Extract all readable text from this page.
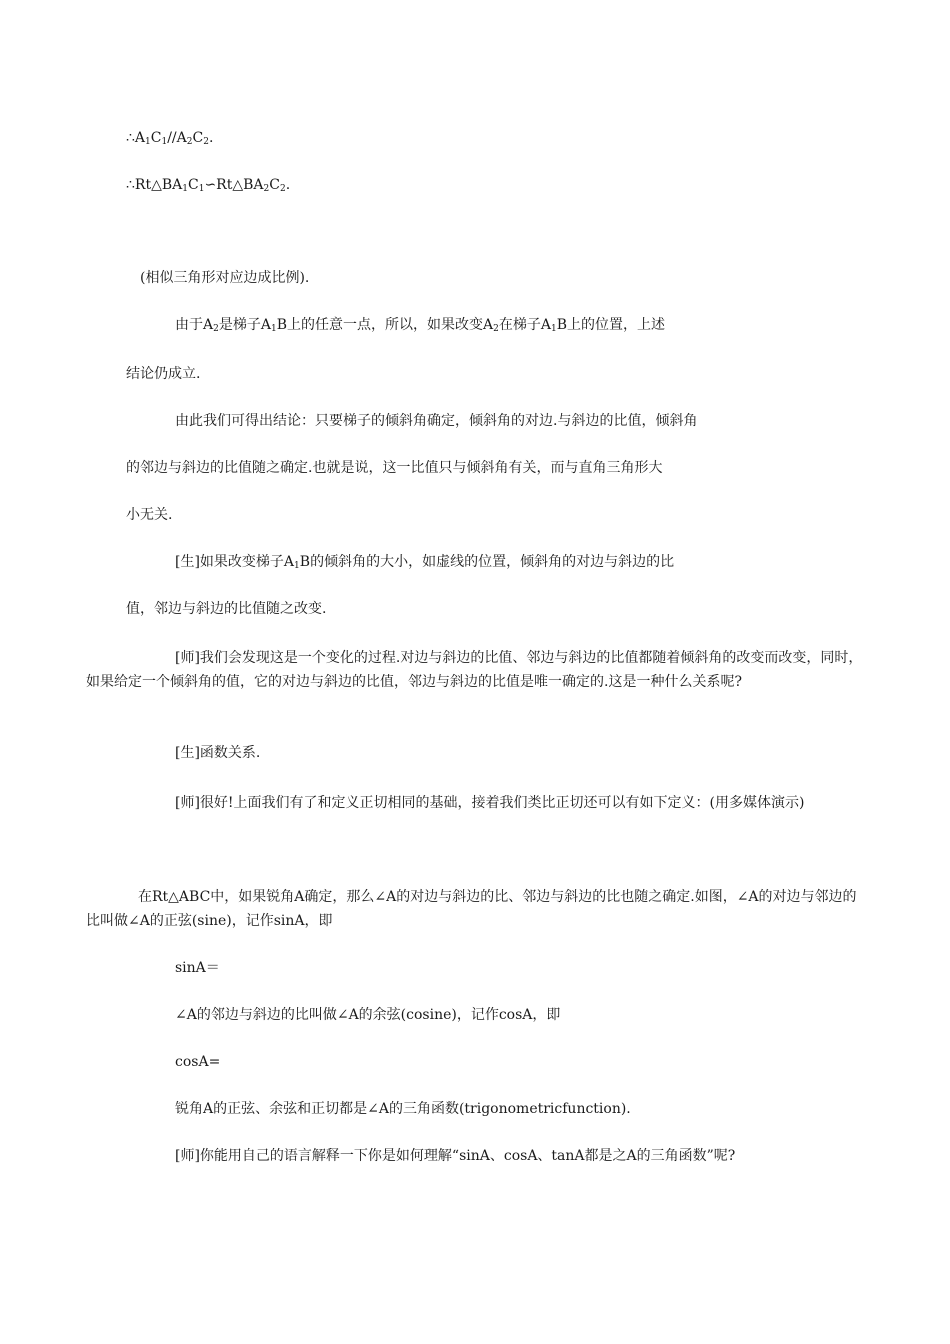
$\therefore A_1C_1//A_2C_2$.
$\therefore Rt\triangle BA_1C_1∽Rt\triangle BA_2C_2$.
(相似三角形对应边成比例).
由于$A_2$是梯子$A_1B$上的任意一点，所以，如果改变$A_2$在梯子$A_1B$上的位置，上述
结论仍成立.
由此我们可得出结论：只要梯子的倾斜角确定，倾斜角的对边.与斜边的比值，倾斜角
的邻边与斜边的比值随之确定.也就是说，这一比值只与倾斜角有关，而与直角三角形大
小无关.
[生]如果改变梯子$A_1B$的倾斜角的大小，如虚线的位置，倾斜角的对边与斜边的比
值，邻边与斜边的比值随之改变.
[师]我们会发现这是一个变化的过程.对边与斜边的比值、邻边与斜边的比值都随着倾斜角的改变而改变，同时，如果给定一个倾斜角的值，它的对边与斜边的比值，邻边与斜边的比值是唯一确定的.这是一种什么关系呢?
[生]函数关系.
[师]很好!上面我们有了和定义正切相同的基础，接着我们类比正切还可以有如下定义：(用多媒体演示)
在Rt△ABC中，如果锐角A确定，那么∠A的对边与斜边的比、邻边与斜边的比也随之确定.如图，∠A的对边与邻边的比叫做∠A的正弦(sine)，记作sinA，即
sinA＝
∠A的邻边与斜边的比叫做∠A的余弦(cosine)，记作cosA，即
cosA=
锐角A的正弦、余弦和正切都是∠A的三角函数(trigonometricfunction).
[师]你能用自己的语言解释一下你是如何理解“sinA、cosA、tanA都是之A的三角函数”呢?
